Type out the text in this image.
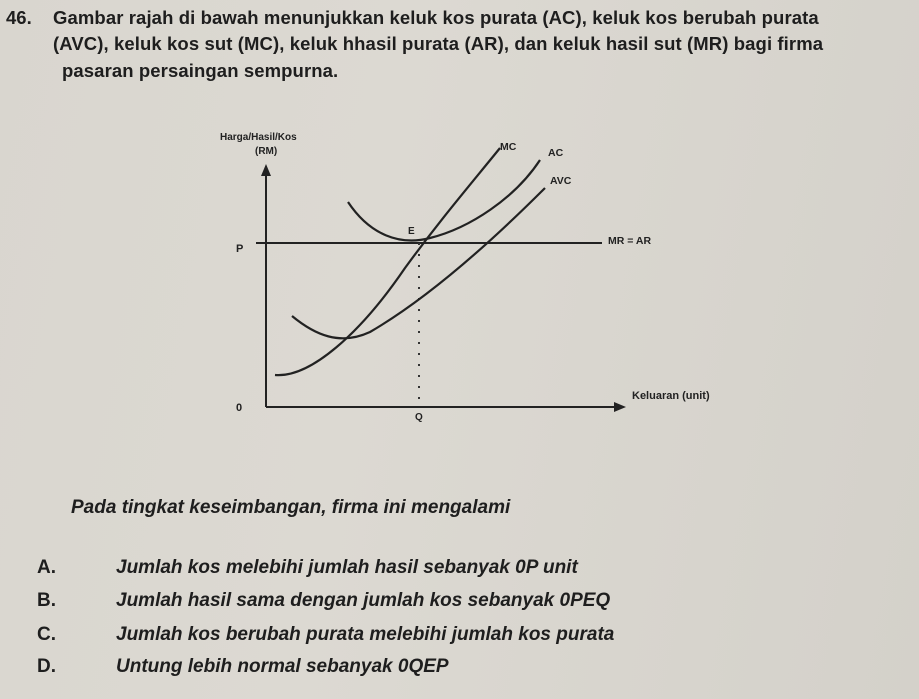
46. Gambar rajah di bawah menunjukkan keluk kos purata (AC), keluk kos berubah purata
(AVC), keluk kos sut (MC), keluk hhasil purata (AR), dan keluk hasil sut (MR) bagi firma
pasaran persaingan sempurna.
Harga/Hasil/Kos
(RM)	MC	AC
AVC
E
P
MR = AR
0
Q
Keluaran (unit)
Pada tingkat keseimbangan, firma ini mengalami
A.	Jumlah kos melebihi jumlah hasil sebanyak 0P unit
B.	Jumlah hasil sama dengan jumlah kos sebanyak 0PEQ
C.	Jumlah kos berubah purata melebihi jumlah kos purata
D.	Untung lebih normal sebanyak 0QEP
